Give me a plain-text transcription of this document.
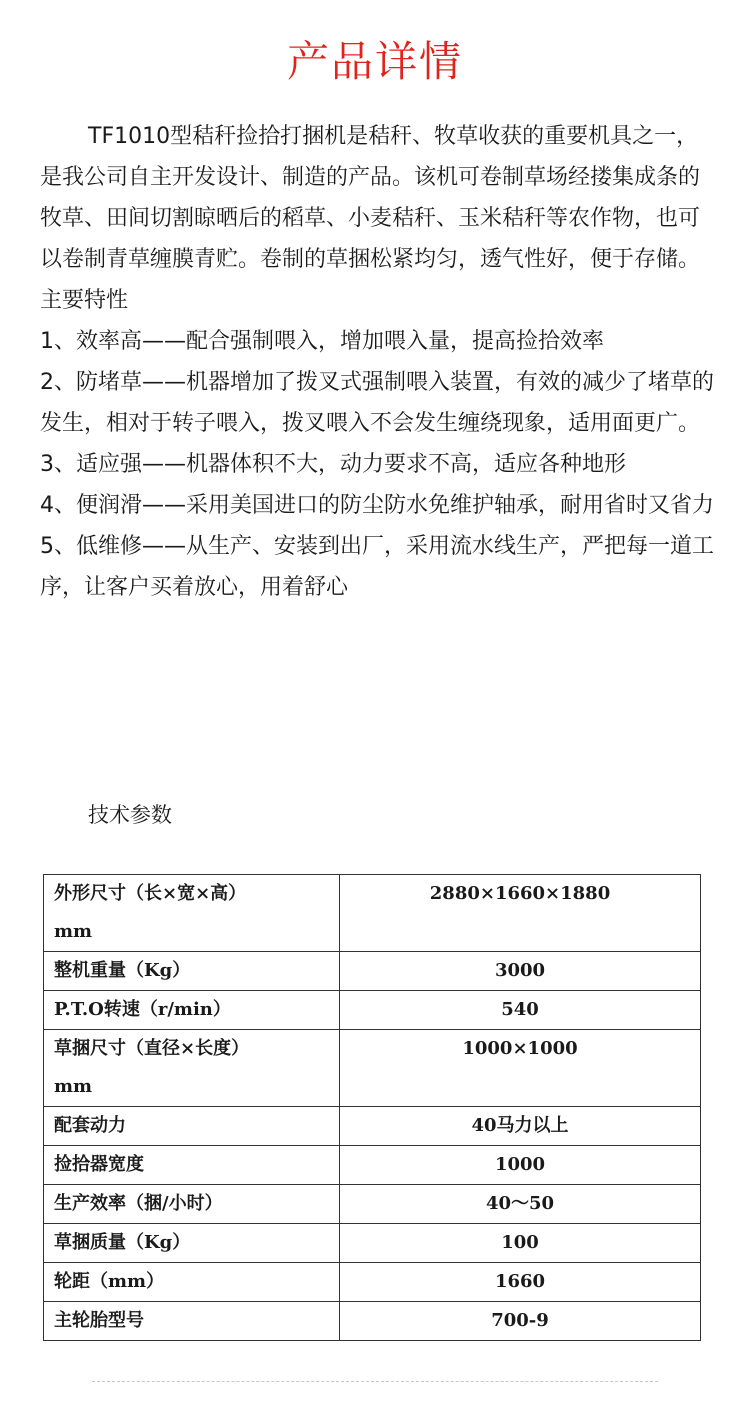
产品详情

TF1010型秸秆捡拾打捆机是秸秆、牧草收获的重要机具之一，是我公司自主开发设计、制造的产品。该机可卷制草场经搂集成条的牧草、田间切割晾晒后的稻草、小麦秸秆、玉米秸秆等农作物，也可以卷制青草缠膜青贮。卷制的草捆松紧均匀，透气性好，便于存储。

主要特性

1、效率高——配合强制喂入，增加喂入量，提高捡拾效率

2、防堵草——机器增加了拨叉式强制喂入装置，有效的减少了堵草的发生，相对于转子喂入，拨叉喂入不会发生缠绕现象，适用面更广。

3、适应强——机器体积不大，动力要求不高，适应各种地形

4、便润滑——采用美国进口的防尘防水免维护轴承，耐用省时又省力

5、低维修——从生产、安装到出厂，采用流水线生产，严把每一道工序，让客户买着放心，用着舒心

技术参数
外形尺寸（长×宽×高）
mm	2880×1660×1880
整机重量（Kg）	3000
P.T.O转速（r/min）	540
草捆尺寸（直径×长度）
mm	1000×1000
配套动力	40马力以上
捡拾器宽度	1000
生产效率（捆/小时）	40～50
草捆质量（Kg）	100
轮距（mm）	1660
主轮胎型号	700-9
